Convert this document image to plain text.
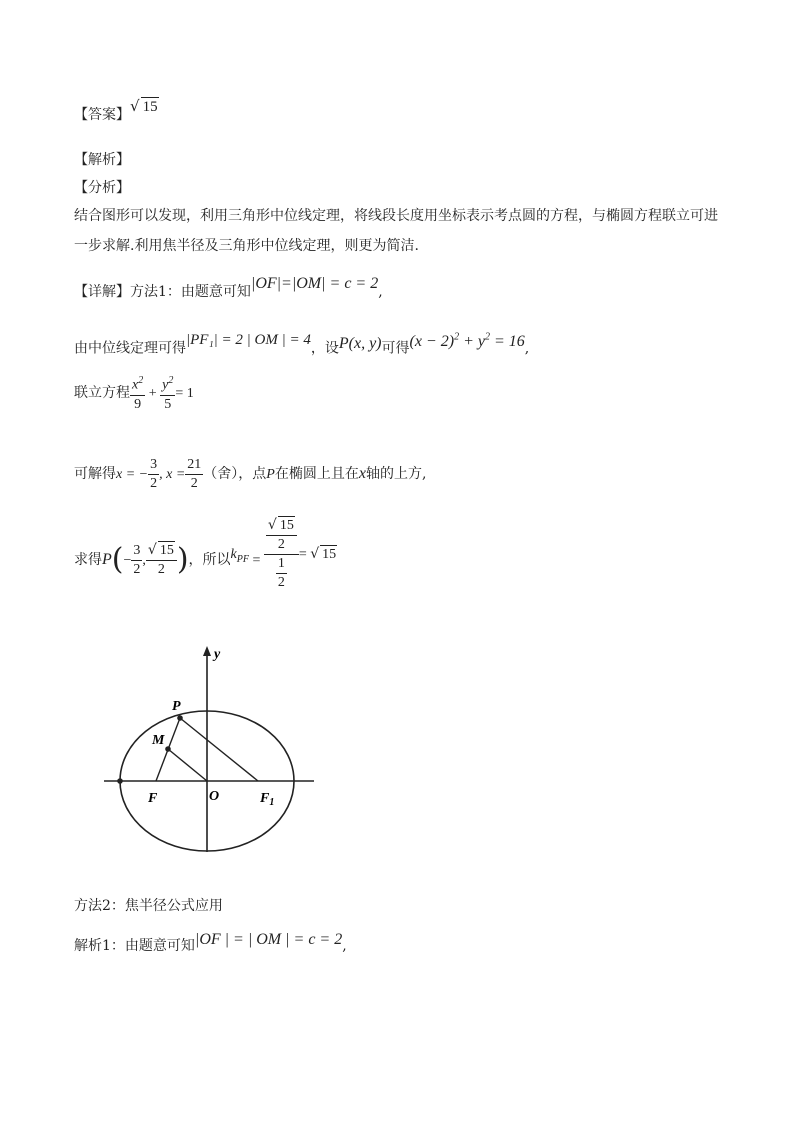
【答案】√ 15
【解析】
【分析】
结合图形可以发现，利用三角形中位线定理，将线段长度用坐标表示考点圆的方程，与椭圆方程联立可进
一步求解.利用焦半径及三角形中位线定理，则更为简洁.
【详解】方法1：由题意可知|OF|=|OM| = c = 2,
由中位线定理可得|PF₁| = 2 | OM | = 4，设P(x, y)可得$(x - 2)^2 + y^2 = 16$,
联立方程 $\frac{x^2}{9} + \frac{y^2}{5} = 1$
可解得x = − $\frac{3}{2}$ , $x = \frac{21}{2}$ （舍），点P在椭圆上且在x轴的上方,
求得$P(- \frac{3}{2}$ , $\frac{√ 15}{2}$ )，所以$k_{PF} = \frac{\frac{√ 15}{2}}{\frac{1}{2}}$ = √ 15
y
P
M
F	O	$F_1$
方法2：焦半径公式应用
解析1：由题意可知|OF | = | OM | = c = 2,
